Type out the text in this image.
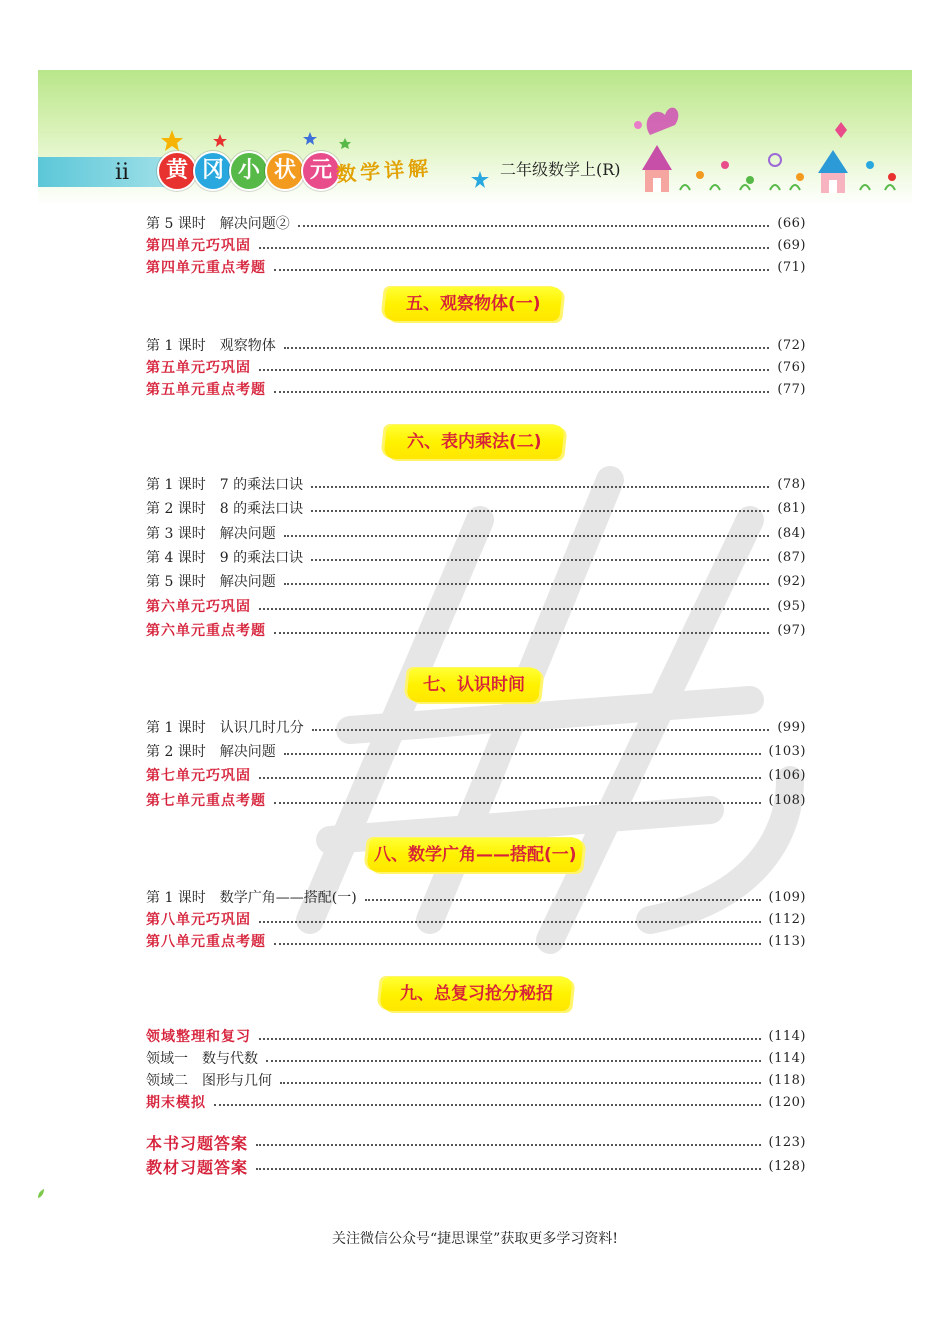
ii	黄 冈 小 状 元 数学详解	二年级数学上(R)
第 5 课时　解决问题②	(66)
第四单元巧巩固	(69)
第四单元重点考题	(71)
五、观察物体(一)
第 1 课时　观察物体	(72)
第五单元巧巩固	(76)
第五单元重点考题	(77)
六、表内乘法(二)
第 1 课时　7 的乘法口诀	(78)
第 2 课时　8 的乘法口诀	(81)
第 3 课时　解决问题	(84)
第 4 课时　9 的乘法口诀	(87)
第 5 课时　解决问题	(92)
第六单元巧巩固	(95)
第六单元重点考题	(97)
七、认识时间
第 1 课时　认识几时几分	(99)
第 2 课时　解决问题	(103)
第七单元巧巩固	(106)
第七单元重点考题	(108)
八、数学广角——搭配(一)
第 1 课时　数学广角——搭配(一)	(109)
第八单元巧巩固	(112)
第八单元重点考题	(113)
九、总复习抢分秘招
领域整理和复习	(114)
领域一　数与代数	(114)
领域二　图形与几何	(118)
期末模拟	(120)
本书习题答案	(123)
教材习题答案	(128)
关注微信公众号“捷思课堂”获取更多学习资料!
